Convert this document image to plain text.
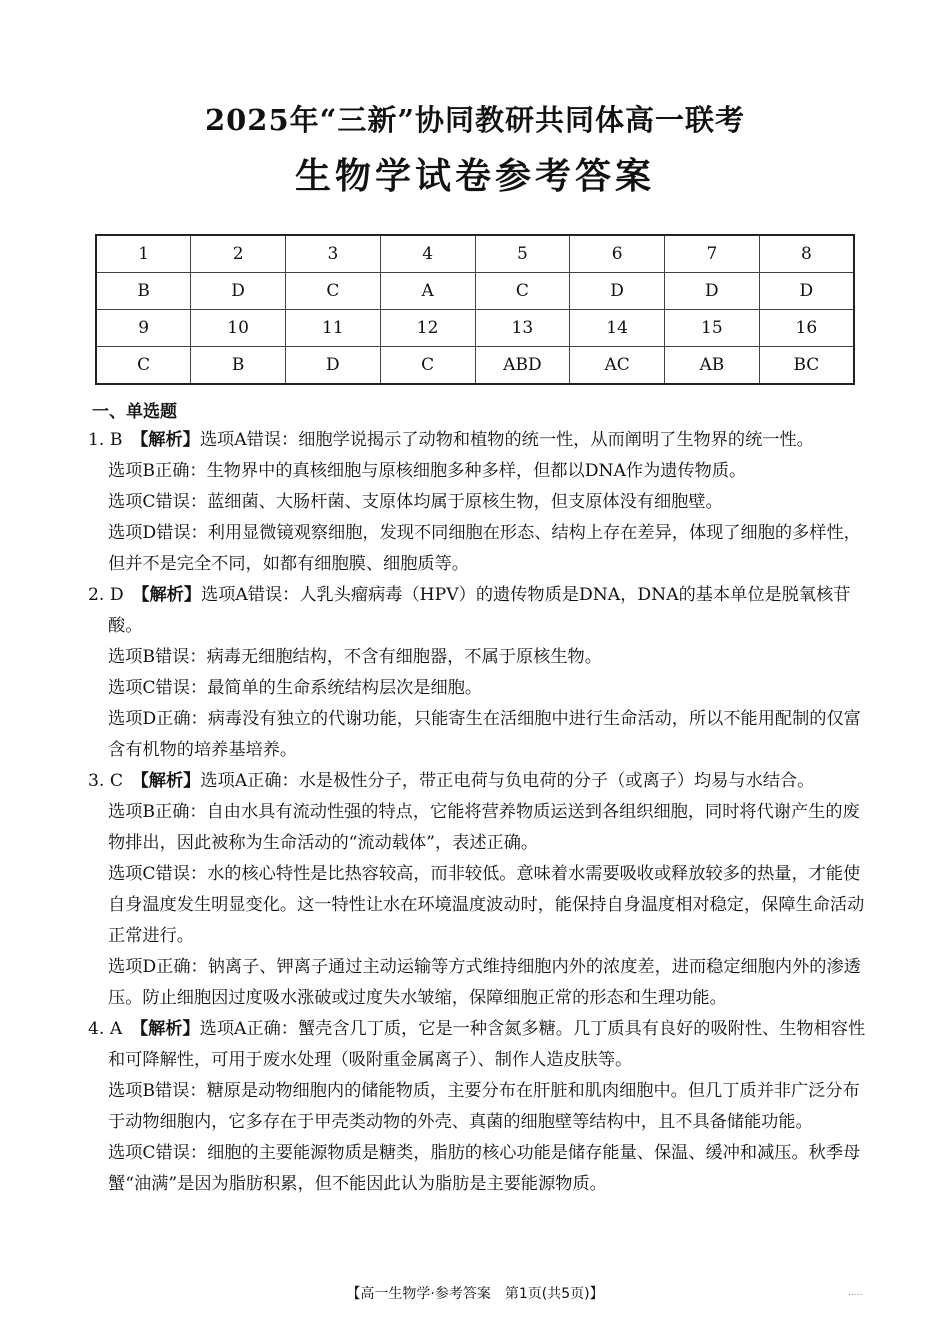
2025年“三新”协同教研共同体高一联考
生物学试卷参考答案
1	2	3	4	5	6	7	8
B	D	C	A	C	D	D	D
9	10	11	12	13	14	15	16
C	B	D	C	ABD	AC	AB	BC
一、单选题

1. B　 【解析】选项A错误：细胞学说揭示了动物和植物的统一性，从而阐明了生物界的统一性。

选项B正确：生物界中的真核细胞与原核细胞多种多样，但都以DNA作为遗传物质。

选项C错误：蓝细菌、大肠杆菌、支原体均属于原核生物，但支原体没有细胞壁。

选项D错误：利用显微镜观察细胞，发现不同细胞在形态、结构上存在差异，体现了细胞的多样性，但并不是完全不同，如都有细胞膜、细胞质等。

2. D　 【解析】选项A错误：人乳头瘤病毒（HPV）的遗传物质是DNA，DNA的基本单位是脱氧核苷酸。

选项B错误：病毒无细胞结构，不含有细胞器，不属于原核生物。

选项C错误：最简单的生命系统结构层次是细胞。

选项D正确：病毒没有独立的代谢功能，只能寄生在活细胞中进行生命活动，所以不能用配制的仅富含有机物的培养基培养。

3. C　 【解析】选项A正确：水是极性分子，带正电荷与负电荷的分子（或离子）均易与水结合。

选项B正确：自由水具有流动性强的特点，它能将营养物质运送到各组织细胞，同时将代谢产生的废物排出，因此被称为生命活动的“流动载体”，表述正确。

选项C错误：水的核心特性是比热容较高，而非较低。意味着水需要吸收或释放较多的热量，才能使自身温度发生明显变化。这一特性让水在环境温度波动时，能保持自身温度相对稳定，保障生命活动正常进行。

选项D正确：钠离子、钾离子通过主动运输等方式维持细胞内外的浓度差，进而稳定细胞内外的渗透压。防止细胞因过度吸水涨破或过度失水皱缩，保障细胞正常的形态和生理功能。

4. A　 【解析】选项A正确：蟹壳含几丁质，它是一种含氮多糖。几丁质具有良好的吸附性、生物相容性和可降解性，可用于废水处理（吸附重金属离子）、制作人造皮肤等。

选项B错误：糖原是动物细胞内的储能物质，主要分布在肝脏和肌肉细胞中。但几丁质并非广泛分布于动物细胞内，它多存在于甲壳类动物的外壳、真菌的细胞壁等结构中，且不具备储能功能。

选项C错误：细胞的主要能源物质是糖类，脂肪的核心功能是储存能量、保温、缓冲和减压。秋季母蟹“油满”是因为脂肪积累，但不能因此认为脂肪是主要能源物质。

【高一生物学·参考答案　第1页(共5页)】	.....
